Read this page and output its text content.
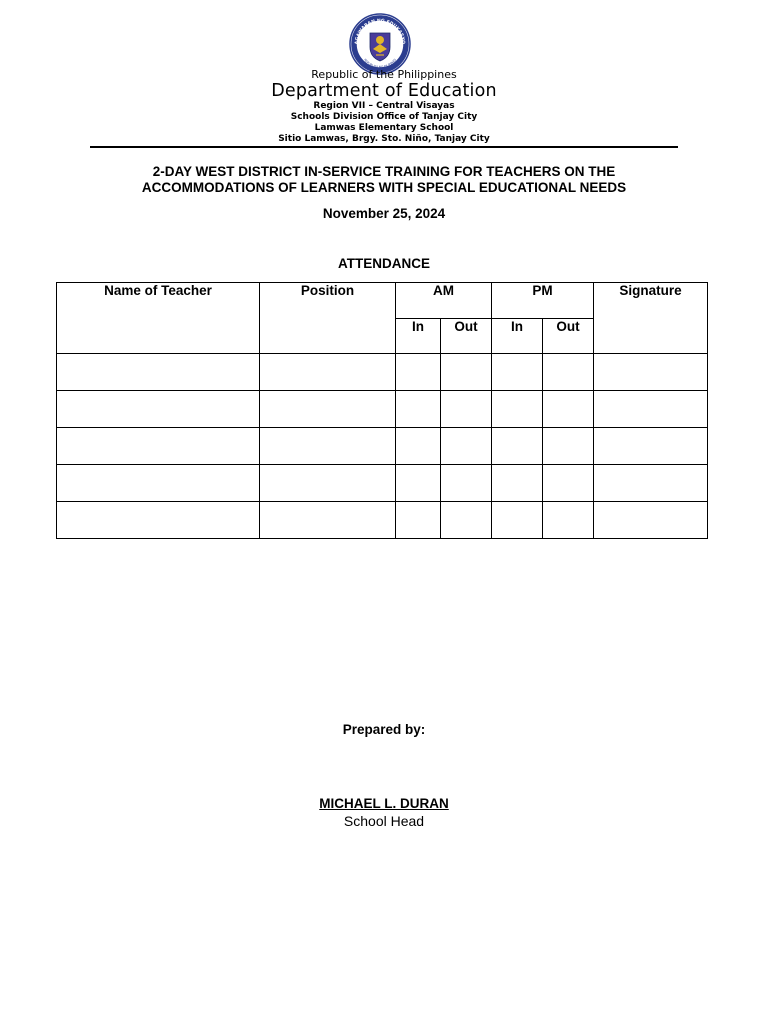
AGAWARAN NG EDUKASYO
REPUBLIKA NG PILIPINAS
Republic of the Philippines
Department of Education
Region VII – Central Visayas
Schools Division Office of Tanjay City
Lamwas Elementary School
Sitio Lamwas, Brgy. Sto. Niño, Tanjay City
2-DAY WEST DISTRICT IN-SERVICE TRAINING FOR TEACHERS ON THE
ACCOMMODATIONS OF LEARNERS WITH SPECIAL EDUCATIONAL NEEDS
November 25, 2024
ATTENDANCE
Name of Teacher	Position	AM		PM		Signature

		In	Out	In	Out	

Prepared by:
MICHAEL L. DURAN
School Head
